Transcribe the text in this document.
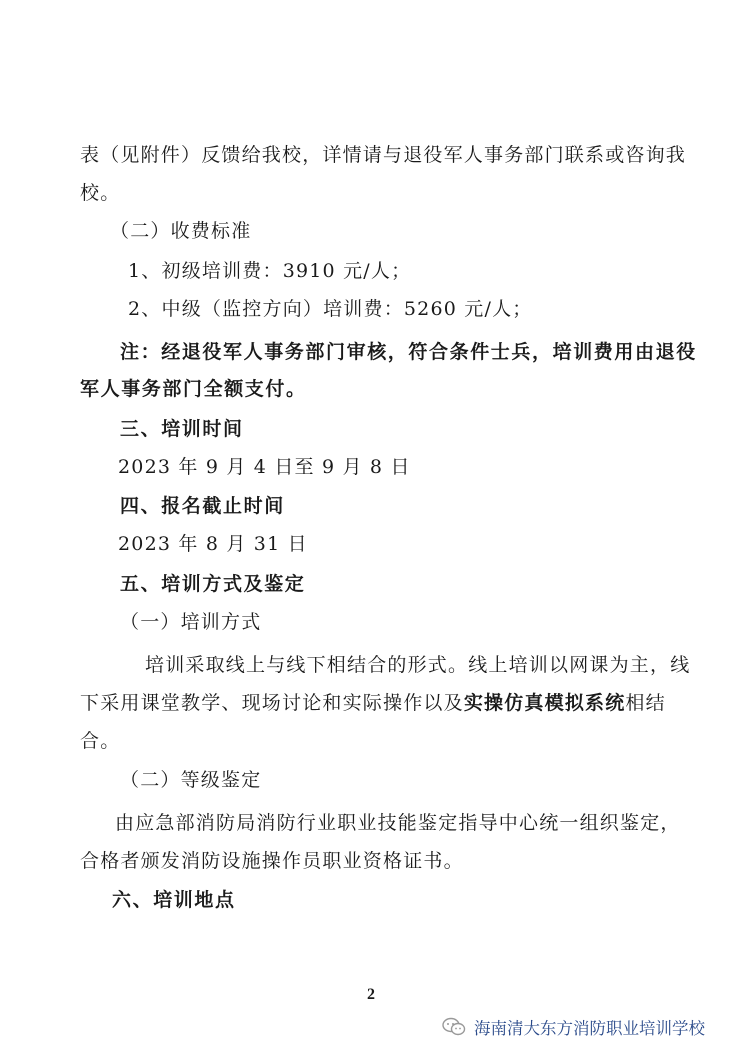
表（见附件）反馈给我校，详情请与退役军人事务部门联系或咨询我
校。
（二）收费标准
1、初级培训费：3910 元/人；
2、中级（监控方向）培训费：5260 元/人；
注：经退役军人事务部门审核，符合条件士兵，培训费用由退役
军人事务部门全额支付。
三、培训时间
2023 年 9 月 4 日至 9 月 8 日
四、报名截止时间
2023 年 8 月 31 日
五、培训方式及鉴定
（一）培训方式
培训采取线上与线下相结合的形式。线上培训以网课为主，线
下采用课堂教学、现场讨论和实际操作以及实操仿真模拟系统相结
合。
（二）等级鉴定
由应急部消防局消防行业职业技能鉴定指导中心统一组织鉴定，
合格者颁发消防设施操作员职业资格证书。
六、培训地点
2
海南清大东方消防职业培训学校
